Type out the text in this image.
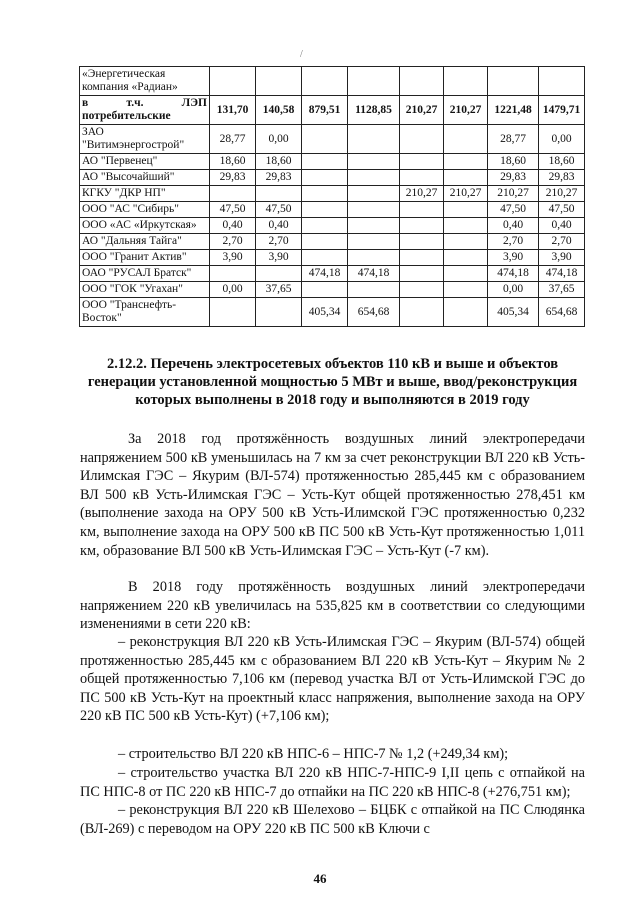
/
«Энергетическая компания «Радиан»								
в т.ч. ЛЭП потребительские	131,70	140,58	879,51	1128,85	210,27	210,27	1221,48	1479,71
ЗАО "Витимэнергострой"	28,77	0,00					28,77	0,00
АО "Первенец"	18,60	18,60					18,60	18,60
АО "Высочайший"	29,83	29,83					29,83	29,83
КГКУ "ДКР НП"					210,27	210,27	210,27	210,27
ООО "АС "Сибирь"	47,50	47,50					47,50	47,50
ООО «АС «Иркутская»	0,40	0,40					0,40	0,40
АО "Дальняя Тайга"	2,70	2,70					2,70	2,70
ООО "Гранит Актив"	3,90	3,90					3,90	3,90
ОАО "РУСАЛ Братск"			474,18	474,18			474,18	474,18
ООО "ГОК "Угахан"	0,00	37,65					0,00	37,65
ООО "Транснефть-Восток"			405,34	654,68			405,34	654,68
2.12.2. Перечень электросетевых объектов 110 кВ и выше и объектов генерации установленной мощностью 5 МВт и выше, ввод/реконструкция которых выполнены в 2018 году и выполняются в 2019 году

За 2018 год протяжённость воздушных линий электропередачи напряжением 500 кВ уменьшилась на 7 км за счет реконструкции ВЛ 220 кВ Усть-Илимская ГЭС – Якурим (ВЛ-574) протяженностью 285,445 км с образованием ВЛ 500 кВ Усть-Илимская ГЭС – Усть-Кут общей протяженностью 278,451 км (выполнение захода на ОРУ 500 кВ Усть-Илимской ГЭС протяженностью 0,232 км, выполнение захода на ОРУ 500 кВ ПС 500 кВ Усть-Кут протяженностью 1,011 км, образование ВЛ 500 кВ Усть-Илимская ГЭС – Усть-Кут (-7 км).

В 2018 году протяжённость воздушных линий электропередачи напряжением 220 кВ увеличилась на 535,825 км в соответствии со следующими изменениями в сети 220 кВ:

– реконструкция ВЛ 220 кВ Усть-Илимская ГЭС – Якурим (ВЛ-574) общей протяженностью 285,445 км с образованием ВЛ 220 кВ Усть-Кут – Якурим № 2 общей протяженностью 7,106 км (перевод участка ВЛ от Усть-Илимской ГЭС до ПС 500 кВ Усть-Кут на проектный класс напряжения, выполнение захода на ОРУ 220 кВ ПС 500 кВ Усть-Кут) (+7,106 км);

– строительство ВЛ 220 кВ НПС-6 – НПС-7 № 1,2 (+249,34 км);

– строительство участка ВЛ 220 кВ НПС-7-НПС-9 I,II цепь с отпайкой на ПС НПС-8 от ПС 220 кВ НПС-7 до отпайки на ПС 220 кВ НПС-8 (+276,751 км);

– реконструкция ВЛ 220 кВ Шелехово – БЦБК с отпайкой на ПС Слюдянка (ВЛ-269) с переводом на ОРУ 220 кВ ПС 500 кВ Ключи с

46
